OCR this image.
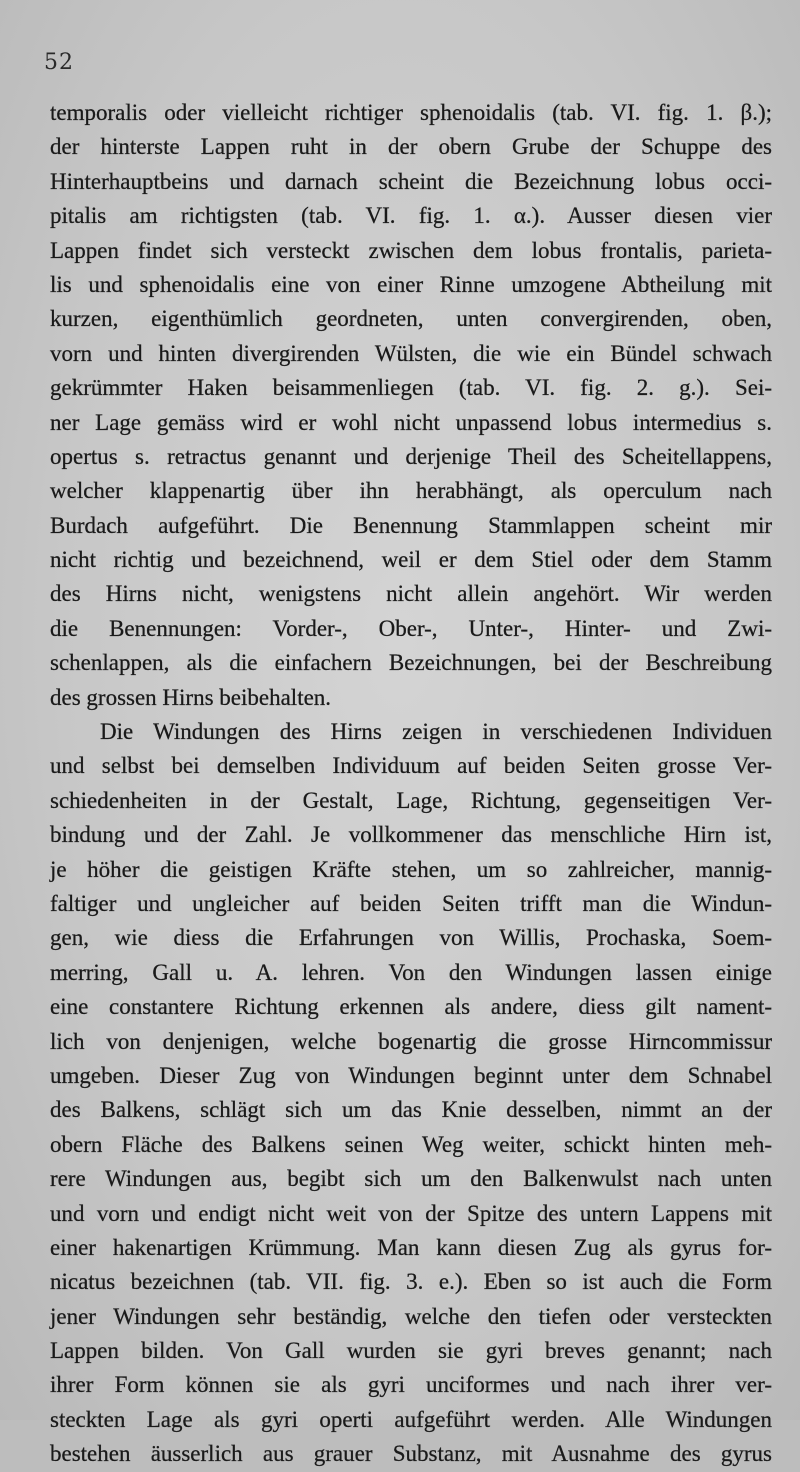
52
temporalis oder vielleicht richtiger sphenoidalis (tab. VI. fig. 1. β.);
der hinterste Lappen ruht in der obern Grube der Schuppe des
Hinterhauptbeins und darnach scheint die Bezeichnung lobus occi-
pitalis am richtigsten (tab. VI. fig. 1. α.). Ausser diesen vier
Lappen findet sich versteckt zwischen dem lobus frontalis, parieta-
lis und sphenoidalis eine von einer Rinne umzogene Abtheilung mit
kurzen, eigenthümlich geordneten, unten convergirenden, oben,
vorn und hinten divergirenden Wülsten, die wie ein Bündel schwach
gekrümmter Haken beisammenliegen (tab. VI. fig. 2. g.). Sei-
ner Lage gemäss wird er wohl nicht unpassend lobus intermedius s.
opertus s. retractus genannt und derjenige Theil des Scheitellappens,
welcher klappenartig über ihn herabhängt, als operculum nach
Burdach aufgeführt. Die Benennung Stammlappen scheint mir
nicht richtig und bezeichnend, weil er dem Stiel oder dem Stamm
des Hirns nicht, wenigstens nicht allein angehört. Wir werden
die Benennungen: Vorder-, Ober-, Unter-, Hinter- und Zwi-
schenlappen, als die einfachern Bezeichnungen, bei der Beschreibung
des grossen Hirns beibehalten.
Die Windungen des Hirns zeigen in verschiedenen Individuen
und selbst bei demselben Individuum auf beiden Seiten grosse Ver-
schiedenheiten in der Gestalt, Lage, Richtung, gegenseitigen Ver-
bindung und der Zahl. Je vollkommener das menschliche Hirn ist,
je höher die geistigen Kräfte stehen, um so zahlreicher, mannig-
faltiger und ungleicher auf beiden Seiten trifft man die Windun-
gen, wie diess die Erfahrungen von Willis, Prochaska, Soem-
merring, Gall u. A. lehren. Von den Windungen lassen einige
eine constantere Richtung erkennen als andere, diess gilt nament-
lich von denjenigen, welche bogenartig die grosse Hirncommissur
umgeben. Dieser Zug von Windungen beginnt unter dem Schnabel
des Balkens, schlägt sich um das Knie desselben, nimmt an der
obern Fläche des Balkens seinen Weg weiter, schickt hinten meh-
rere Windungen aus, begibt sich um den Balkenwulst nach unten
und vorn und endigt nicht weit von der Spitze des untern Lappens mit
einer hakenartigen Krümmung. Man kann diesen Zug als gyrus for-
nicatus bezeichnen (tab. VII. fig. 3. e.). Eben so ist auch die Form
jener Windungen sehr beständig, welche den tiefen oder versteckten
Lappen bilden. Von Gall wurden sie gyri breves genannt; nach
ihrer Form können sie als gyri unciformes und nach ihrer ver-
steckten Lage als gyri operti aufgeführt werden. Alle Windungen
bestehen äusserlich aus grauer Substanz, mit Ausnahme des gyrus
